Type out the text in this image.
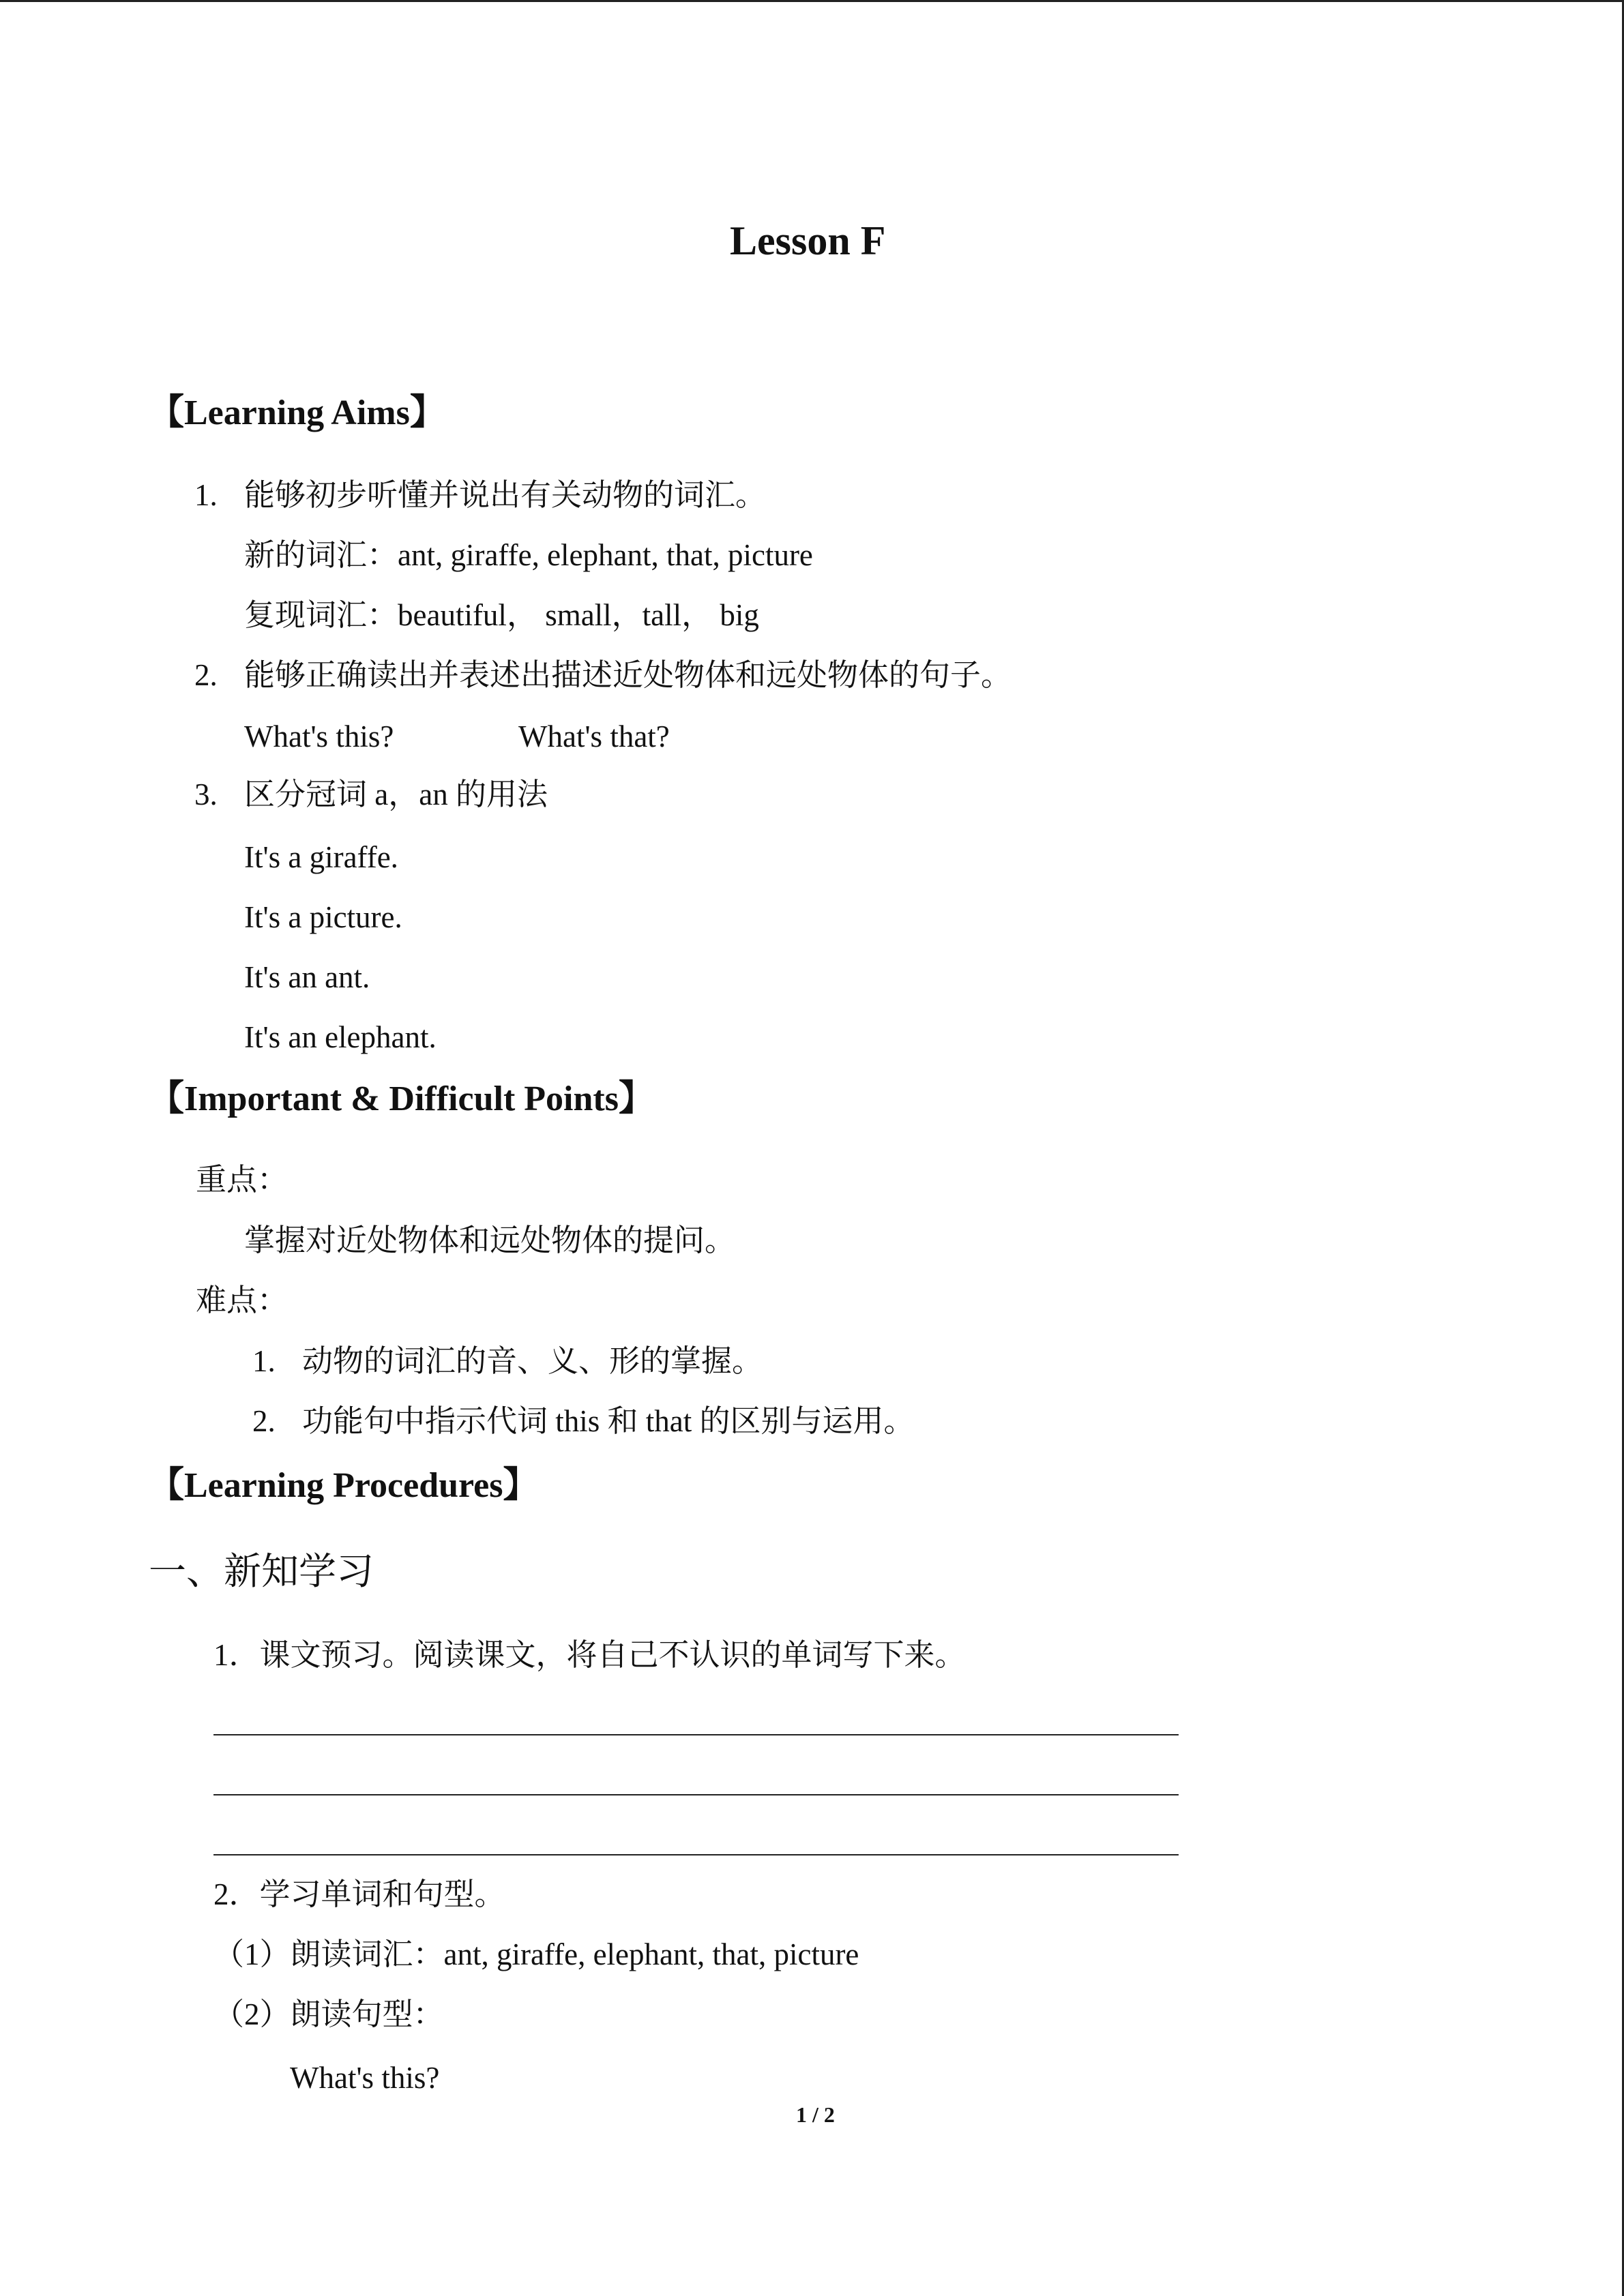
Lesson F
【Learning Aims】
1. 能够初步听懂并说出有关动物的词汇。
新的词汇：ant, giraffe, elephant, that, picture
复现词汇：beautiful， small，tall， big
2. 能够正确读出并表述出描述近处物体和远处物体的句子。
What's this?	What's that?
3. 区分冠词 a，an 的用法
It's a giraffe.
It's a picture.
It's an ant.
It's an elephant.
【Important & Difficult Points】
重点：
掌握对近处物体和远处物体的提问。
难点：
1. 动物的词汇的音、义、形的掌握。
2. 功能句中指示代词 this 和 that 的区别与运用。
【Learning Procedures】
一、新知学习
1．课文预习。阅读课文，将自己不认识的单词写下来。
2．学习单词和句型。
（1）朗读词汇：ant, giraffe, elephant, that, picture
（2）朗读句型：
What's this?
1 / 2
